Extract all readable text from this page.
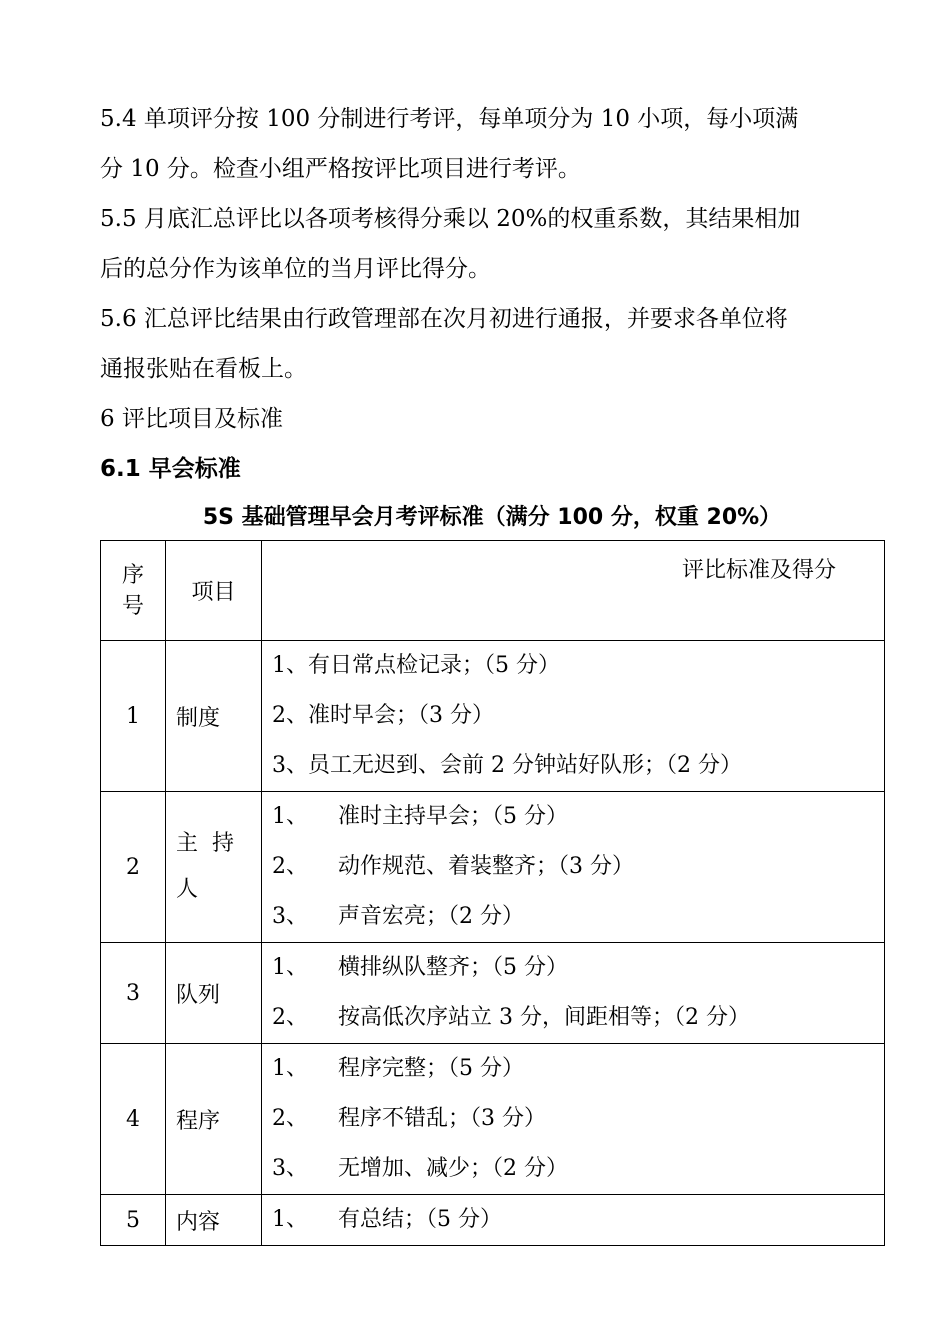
5.4 单项评分按 100 分制进行考评，每单项分为 10 小项，每小项满

分 10 分。检查小组严格按评比项目进行考评。

5.5 月底汇总评比以各项考核得分乘以 20%的权重系数，其结果相加

后的总分作为该单位的当月评比得分。

5.6 汇总评比结果由行政管理部在次月初进行通报，并要求各单位将

通报张贴在看板上。

6 评比项目及标准

6.1 早会标准

5S 基础管理早会月考评标准（满分 100 分，权重 20%）
序
号	项目	评比标准及得分
1	制度	1、有日常点检记录；（5 分）
2、准时早会；（3 分）
3、员工无迟到、会前 2 分钟站好队形；（2 分）

2	主  持
人	1、 准时主持早会；（5 分）
2、 动作规范、着装整齐；（3 分）
3、 声音宏亮；（2 分）

3	队列	1、 横排纵队整齐；（5 分）
2、 按高低次序站立 3 分，间距相等；（2 分）

4	程序	1、 程序完整；（5 分）
2、 程序不错乱；（3 分）
3、 无增加、减少；（2 分）

5	内容	1、 有总结；（5 分）
